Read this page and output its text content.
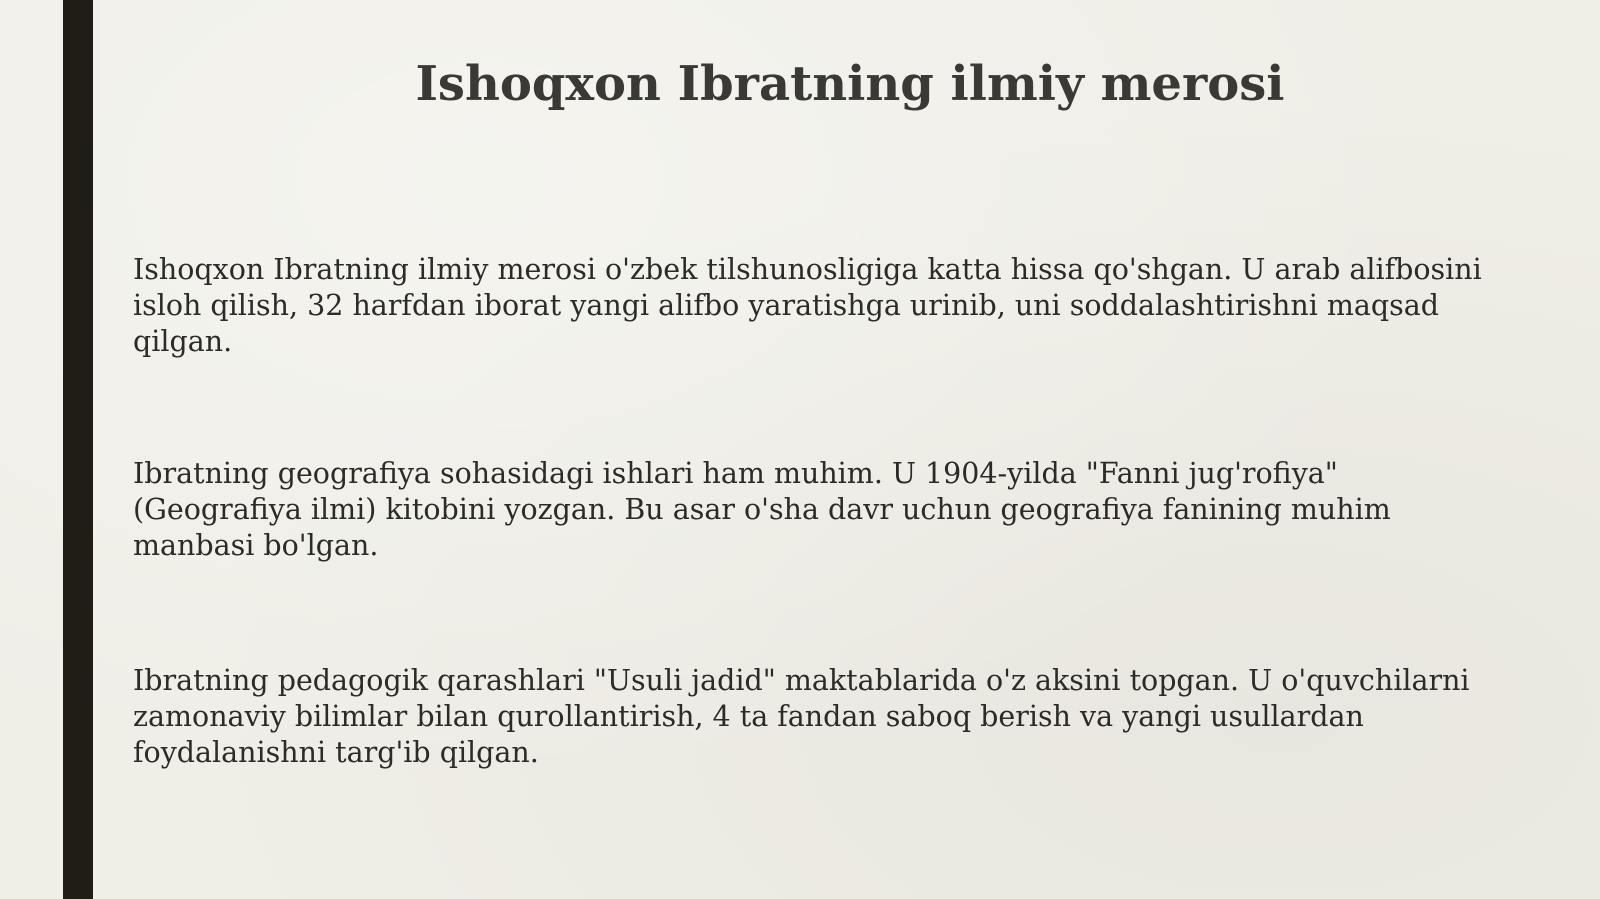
Ishoqxon Ibratning ilmiy merosi

Ishoqxon Ibratning ilmiy merosi o'zbek tilshunosligiga katta hissa qo'shgan. U arab alifbosini isloh qilish, 32 harfdan iborat yangi alifbo yaratishga urinib, uni soddalashtirishni maqsad qilgan.

Ibratning geografiya sohasidagi ishlari ham muhim. U 1904-yilda "Fanni jug'rofiya" (Geografiya ilmi) kitobini yozgan. Bu asar o'sha davr uchun geografiya fanining muhim manbasi bo'lgan.

Ibratning pedagogik qarashlari "Usuli jadid" maktablarida o'z aksini topgan. U o'quvchilarni zamonaviy bilimlar bilan qurollantirish, 4 ta fandan saboq berish va yangi usullardan foydalanishni targ'ib qilgan.
